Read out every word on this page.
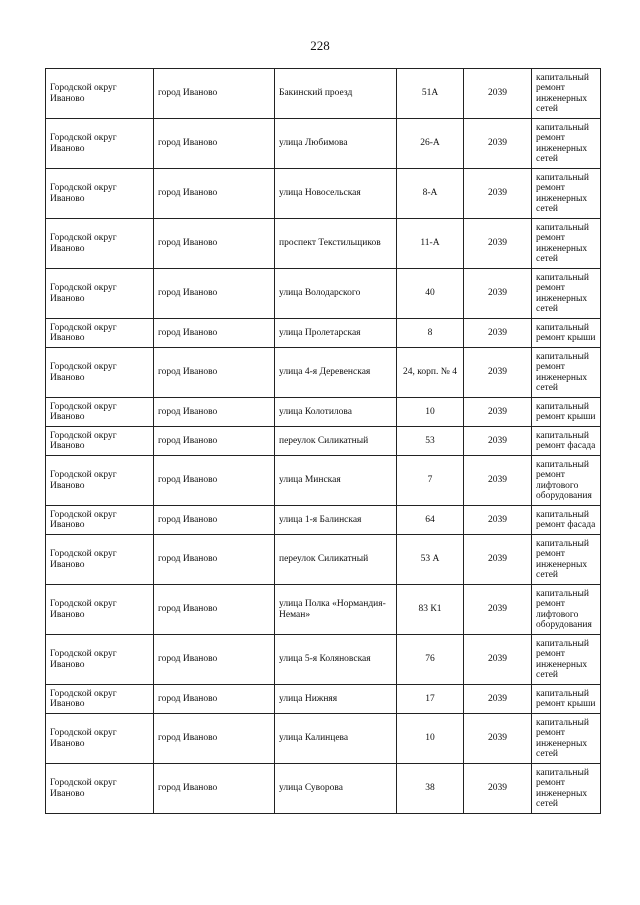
228
Городской округ Иваново	город Иваново	Бакинский проезд	51А	2039	капитальный ремонт инженерных сетей
Городской округ Иваново	город Иваново	улица Любимова	26-А	2039	капитальный ремонт инженерных сетей
Городской округ Иваново	город Иваново	улица Новосельская	8-А	2039	капитальный ремонт инженерных сетей
Городской округ Иваново	город Иваново	проспект Текстильщиков	11-А	2039	капитальный ремонт инженерных сетей
Городской округ Иваново	город Иваново	улица Володарского	40	2039	капитальный ремонт инженерных сетей
Городской округ Иваново	город Иваново	улица Пролетарская	8	2039	капитальный ремонт крыши
Городской округ Иваново	город Иваново	улица 4-я Деревенская	24, корп. № 4	2039	капитальный ремонт инженерных сетей
Городской округ Иваново	город Иваново	улица Колотилова	10	2039	капитальный ремонт крыши
Городской округ Иваново	город Иваново	переулок Силикатный	53	2039	капитальный ремонт фасада
Городской округ Иваново	город Иваново	улица Минская	7	2039	капитальный ремонт лифтового оборудования
Городской округ Иваново	город Иваново	улица 1-я Балинская	64	2039	капитальный ремонт фасада
Городской округ Иваново	город Иваново	переулок Силикатный	53 А	2039	капитальный ремонт инженерных сетей
Городской округ Иваново	город Иваново	улица Полка «Нормандия-Неман»	83 К1	2039	капитальный ремонт лифтового оборудования
Городской округ Иваново	город Иваново	улица 5-я Коляновская	76	2039	капитальный ремонт инженерных сетей
Городской округ Иваново	город Иваново	улица Нижняя	17	2039	капитальный ремонт крыши
Городской округ Иваново	город Иваново	улица Калинцева	10	2039	капитальный ремонт инженерных сетей
Городской округ Иваново	город Иваново	улица Суворова	38	2039	капитальный ремонт инженерных сетей
